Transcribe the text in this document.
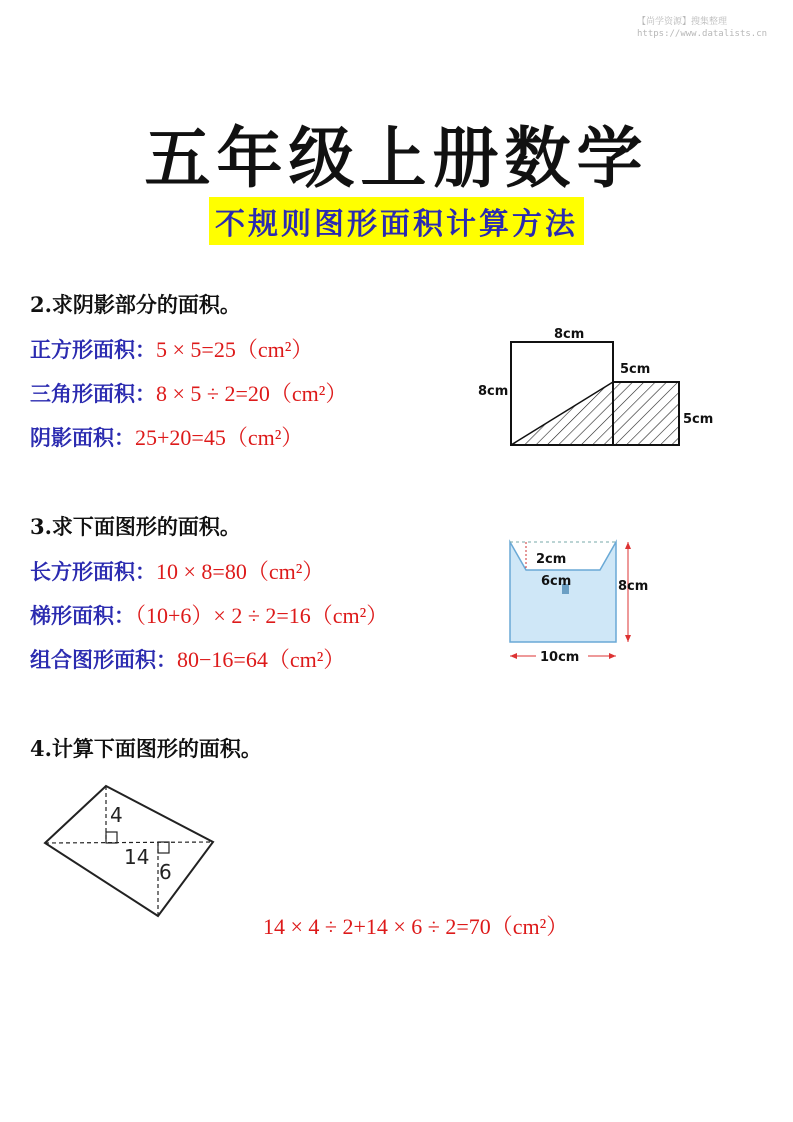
【尚学资源】搜集整理
https://www.datalists.cn
五年级上册数学
不规则图形面积计算方法
2.求阴影部分的面积。
正方形面积：5 × 5=25（cm²）
三角形面积：8 × 5 ÷ 2=20（cm²）
阴影面积：25+20=45（cm²）
8cm
8cm
5cm
5cm
3.求下面图形的面积。
长方形面积：10 × 8=80（cm²）
梯形面积：（10+6）× 2 ÷ 2=16（cm²）
组合图形面积：80−16=64（cm²）
2cm
6cm	8cm
10cm
4.计算下面图形的面积。
4
14
6
14 × 4 ÷ 2+14 × 6 ÷ 2=70（cm²）
